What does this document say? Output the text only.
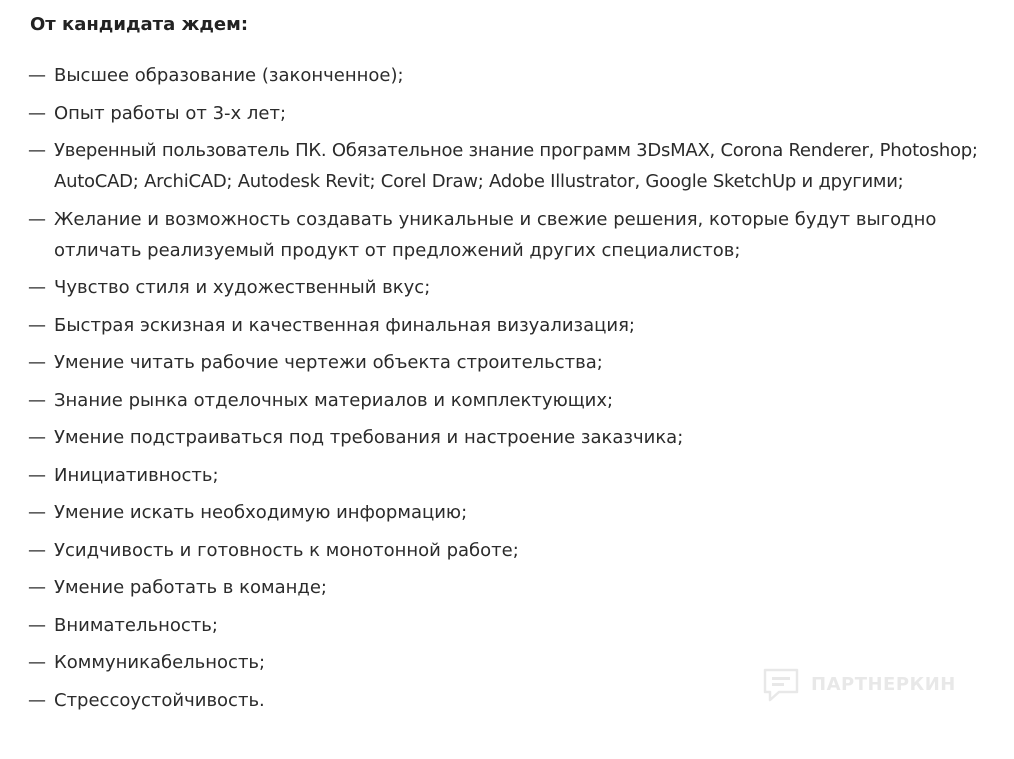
От кандидата ждем:
— Высшее образование (законченное);
— Опыт работы от 3-х лет;
— Уверенный пользователь ПК. Обязательное знание программ 3DsMAX, Corona Renderer, Photoshop; AutoCAD; ArchiCAD; Autodesk Revit; Corel Draw; Adobe Illustrator, Google SketchUp и другими;
— Желание и возможность создавать уникальные и свежие решения, которые будут выгодно отличать реализуемый продукт от предложений других специалистов;
— Чувство стиля и художественный вкус;
— Быстрая эскизная и качественная финальная визуализация;
— Умение читать рабочие чертежи объекта строительства;
— Знание рынка отделочных материалов и комплектующих;
— Умение подстраиваться под требования и настроение заказчика;
— Инициативность;
— Умение искать необходимую информацию;
— Усидчивость и готовность к монотонной работе;
— Умение работать в команде;
— Внимательность;
— Коммуникабельность;
— Стрессоустойчивость.
ПАРТНЕРКИН
